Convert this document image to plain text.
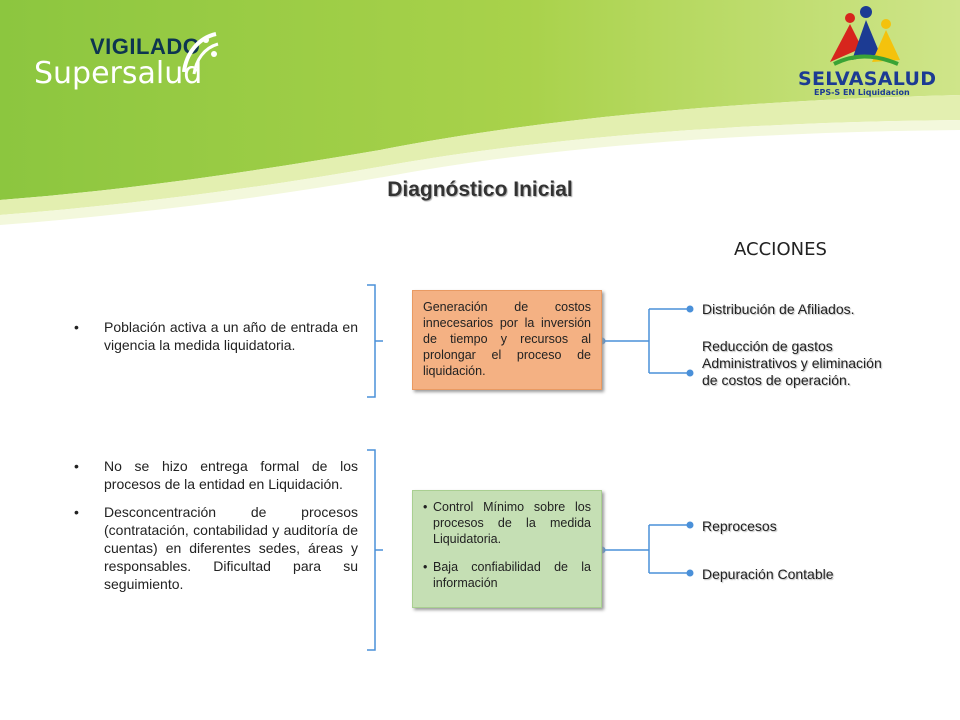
VIGILADO
Supersalud	SELVASALUD
EPS-S EN Liquidacion
Diagnóstico Inicial
ACCIONES
• Población activa a un año de entrada en vigencia la medida liquidatoria.
Generación de costos innecesarios por la inversión de tiempo y recursos al prolongar el proceso de liquidación.
Distribución de Afiliados.
Reducción de gastos Administrativos y eliminación de costos de operación.
• No se hizo entrega formal de los procesos de la entidad en Liquidación.
• Desconcentración de procesos (contratación, contabilidad y auditoría de cuentas) en diferentes sedes, áreas y responsables. Dificultad para su seguimiento.
• Control Mínimo sobre los procesos de la medida Liquidatoria.
• Baja confiabilidad de la información
Reprocesos
Depuración Contable
